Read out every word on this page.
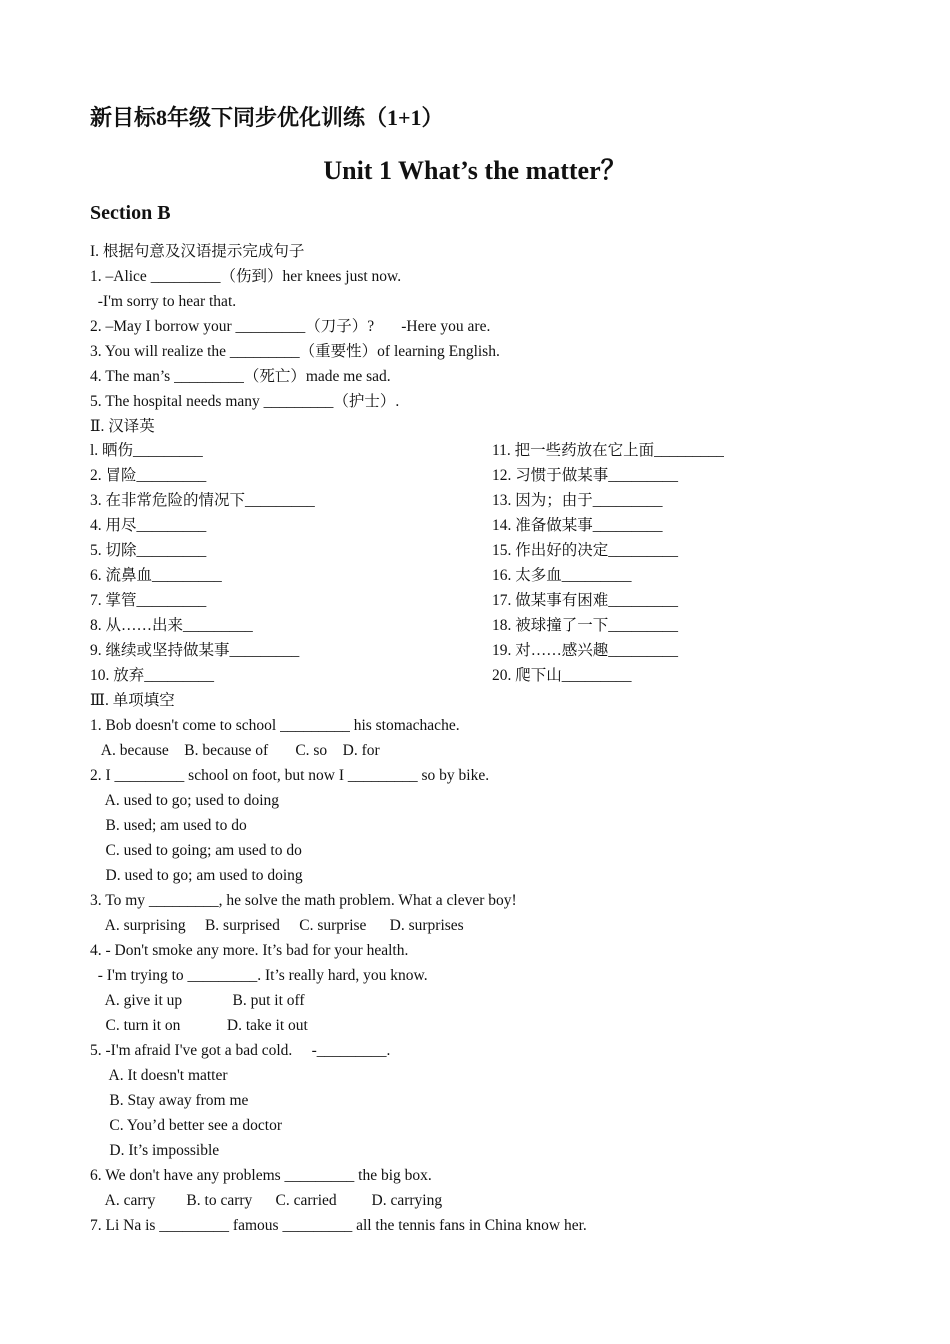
新目标8年级下同步优化训练（1+1）
Unit 1 What’s the matter？
Section B
I. 根据句意及汉语提示完成句子
1. –Alice _________（伤到）her knees just now.
-I'm sorry to hear that.
2. –May I borrow your _________（刀子）?       -Here you are.
3. You will realize the _________（重要性）of learning English.
4. The man’s _________（死亡）made me sad.
5. The hospital needs many _________（护士）.
Ⅱ. 汉译英
l. 晒伤_________
2. 冒险_________
3. 在非常危险的情况下_________
4. 用尽_________
5. 切除_________
6. 流鼻血_________
7. 掌管_________
8. 从……出来_________
9. 继续或坚持做某事_________
10. 放弃_________
11. 把一些药放在它上面_________
12. 习惯于做某事_________
13. 因为；由于_________
14. 准备做某事_________
15. 作出好的决定_________
16. 太多血_________
17. 做某事有困难_________
18. 被球撞了一下_________
19. 对……感兴趣_________
20. 爬下山_________
Ⅲ. 单项填空
1. Bob doesn't come to school _________ his stomachache.
A. because    B. because of       C. so    D. for
2. I _________ school on foot, but now I _________ so by bike.
A. used to go; used to doing
B. used; am used to do
C. used to going; am used to do
D. used to go; am used to doing
3. To my _________, he solve the math problem. What a clever boy!
A. surprising     B. surprised     C. surprise      D. surprises
4. - Don't smoke any more. It’s bad for your health.
- I'm trying to _________. It’s really hard, you know.
A. give it up             B. put it off
C. turn it on            D. take it out
5. -I'm afraid I've got a bad cold.     -_________.
A. It doesn't matter
B. Stay away from me
C. You’d better see a doctor
D. It’s impossible
6. We don't have any problems _________ the big box.
A. carry        B. to carry      C. carried         D. carrying
7. Li Na is _________ famous _________ all the tennis fans in China know her.
